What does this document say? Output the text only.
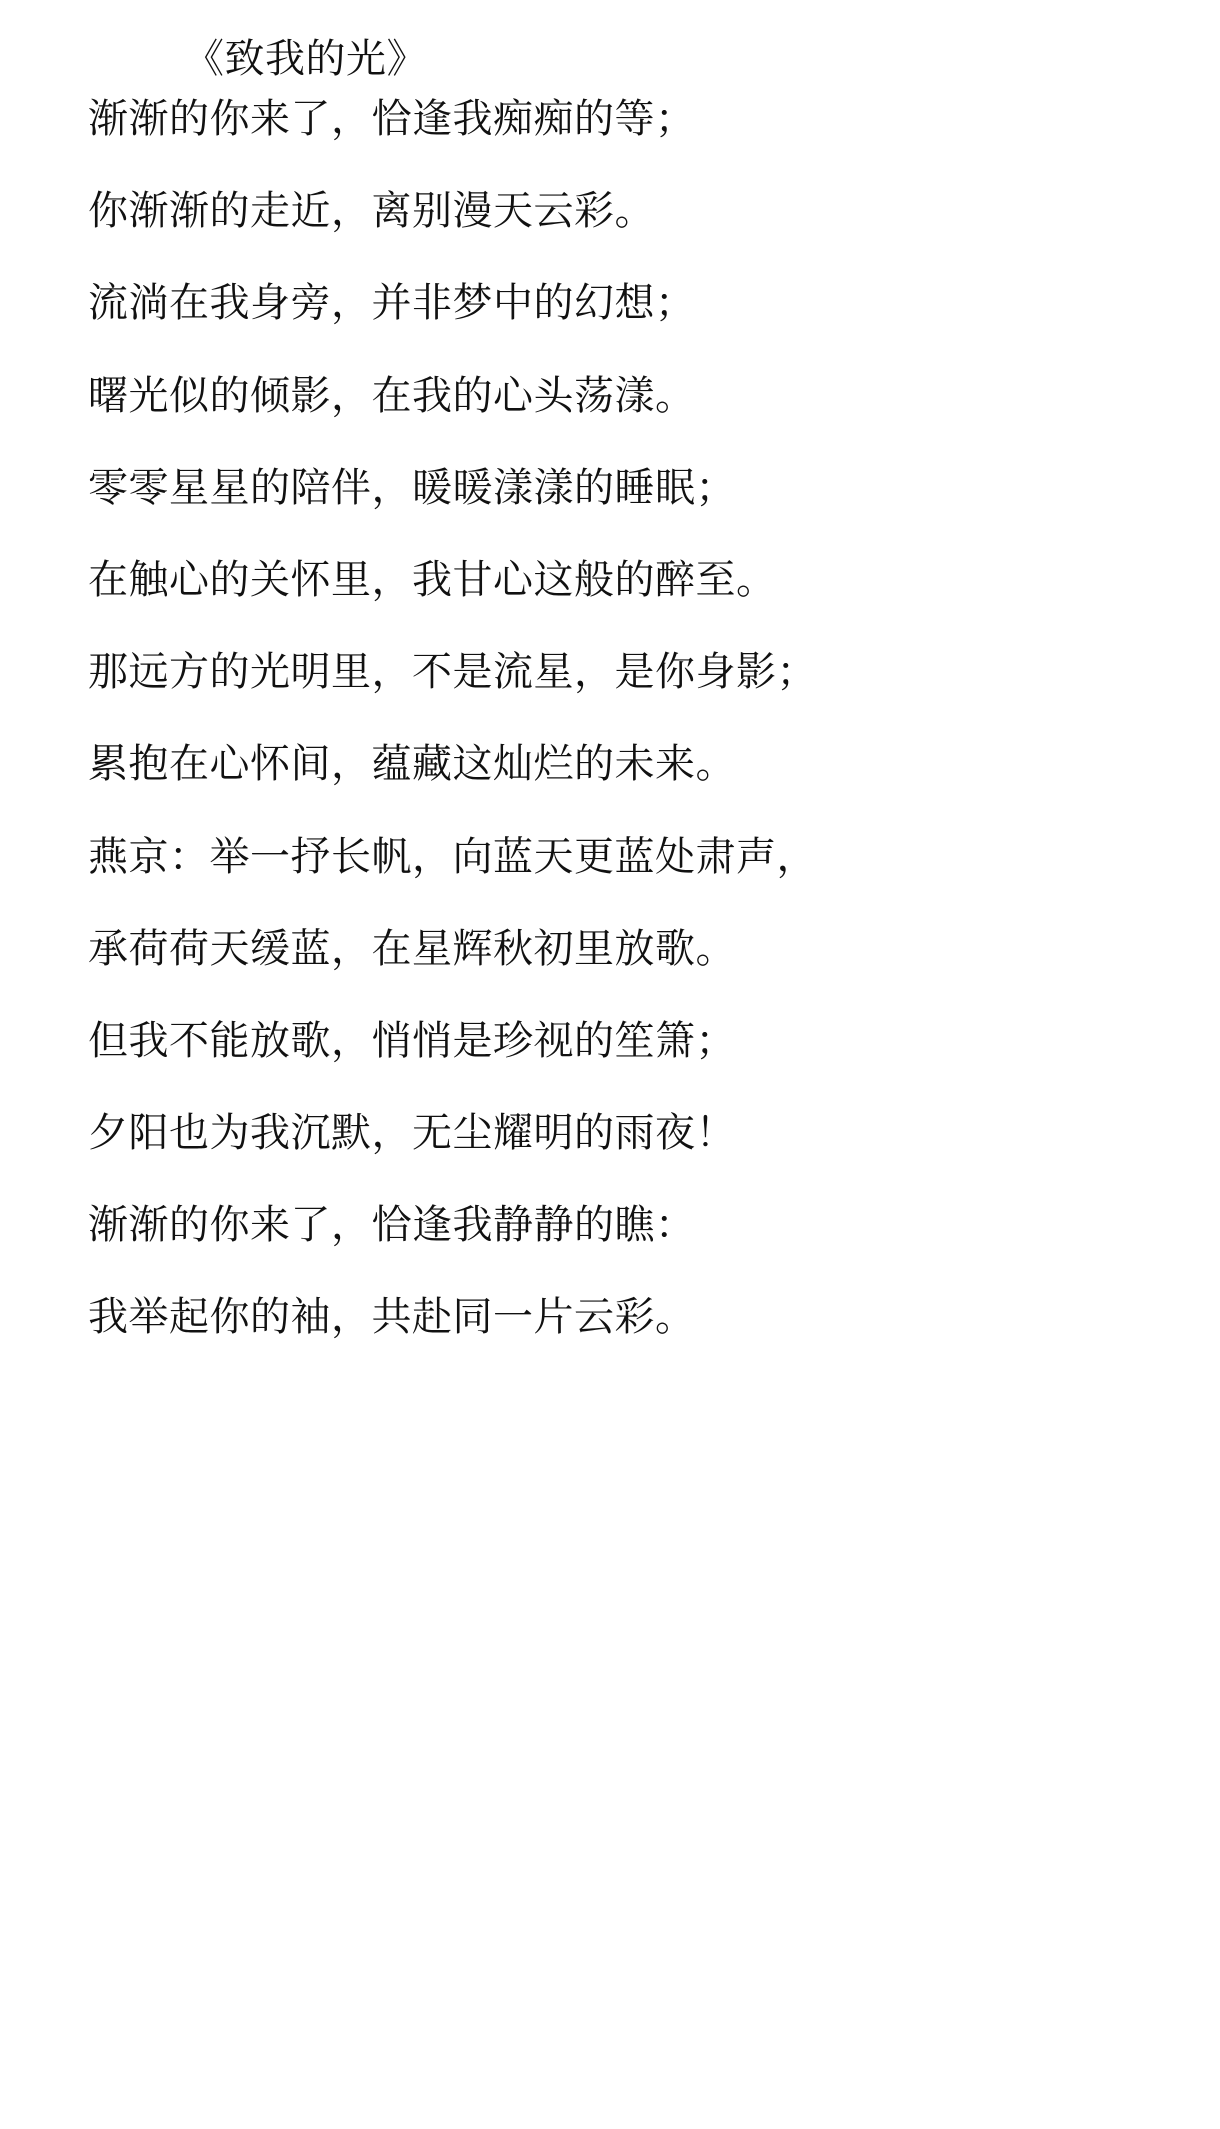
《致我的光》

渐渐的你来了，恰逢我痴痴的等；

你渐渐的走近，离别漫天云彩。

流淌在我身旁，并非梦中的幻想；

曙光似的倾影，在我的心头荡漾。

零零星星的陪伴，暖暖漾漾的睡眠；

在触心的关怀里，我甘心这般的醉至。

那远方的光明里，不是流星，是你身影；

累抱在心怀间，蕴藏这灿烂的未来。

燕京：举一抒长帆，向蓝天更蓝处肃声，

承荷荷天缓蓝，在星辉秋初里放歌。

但我不能放歌，悄悄是珍视的笙箫；

夕阳也为我沉默，无尘耀明的雨夜！

渐渐的你来了，恰逢我静静的瞧：

我举起你的袖，共赴同一片云彩。
